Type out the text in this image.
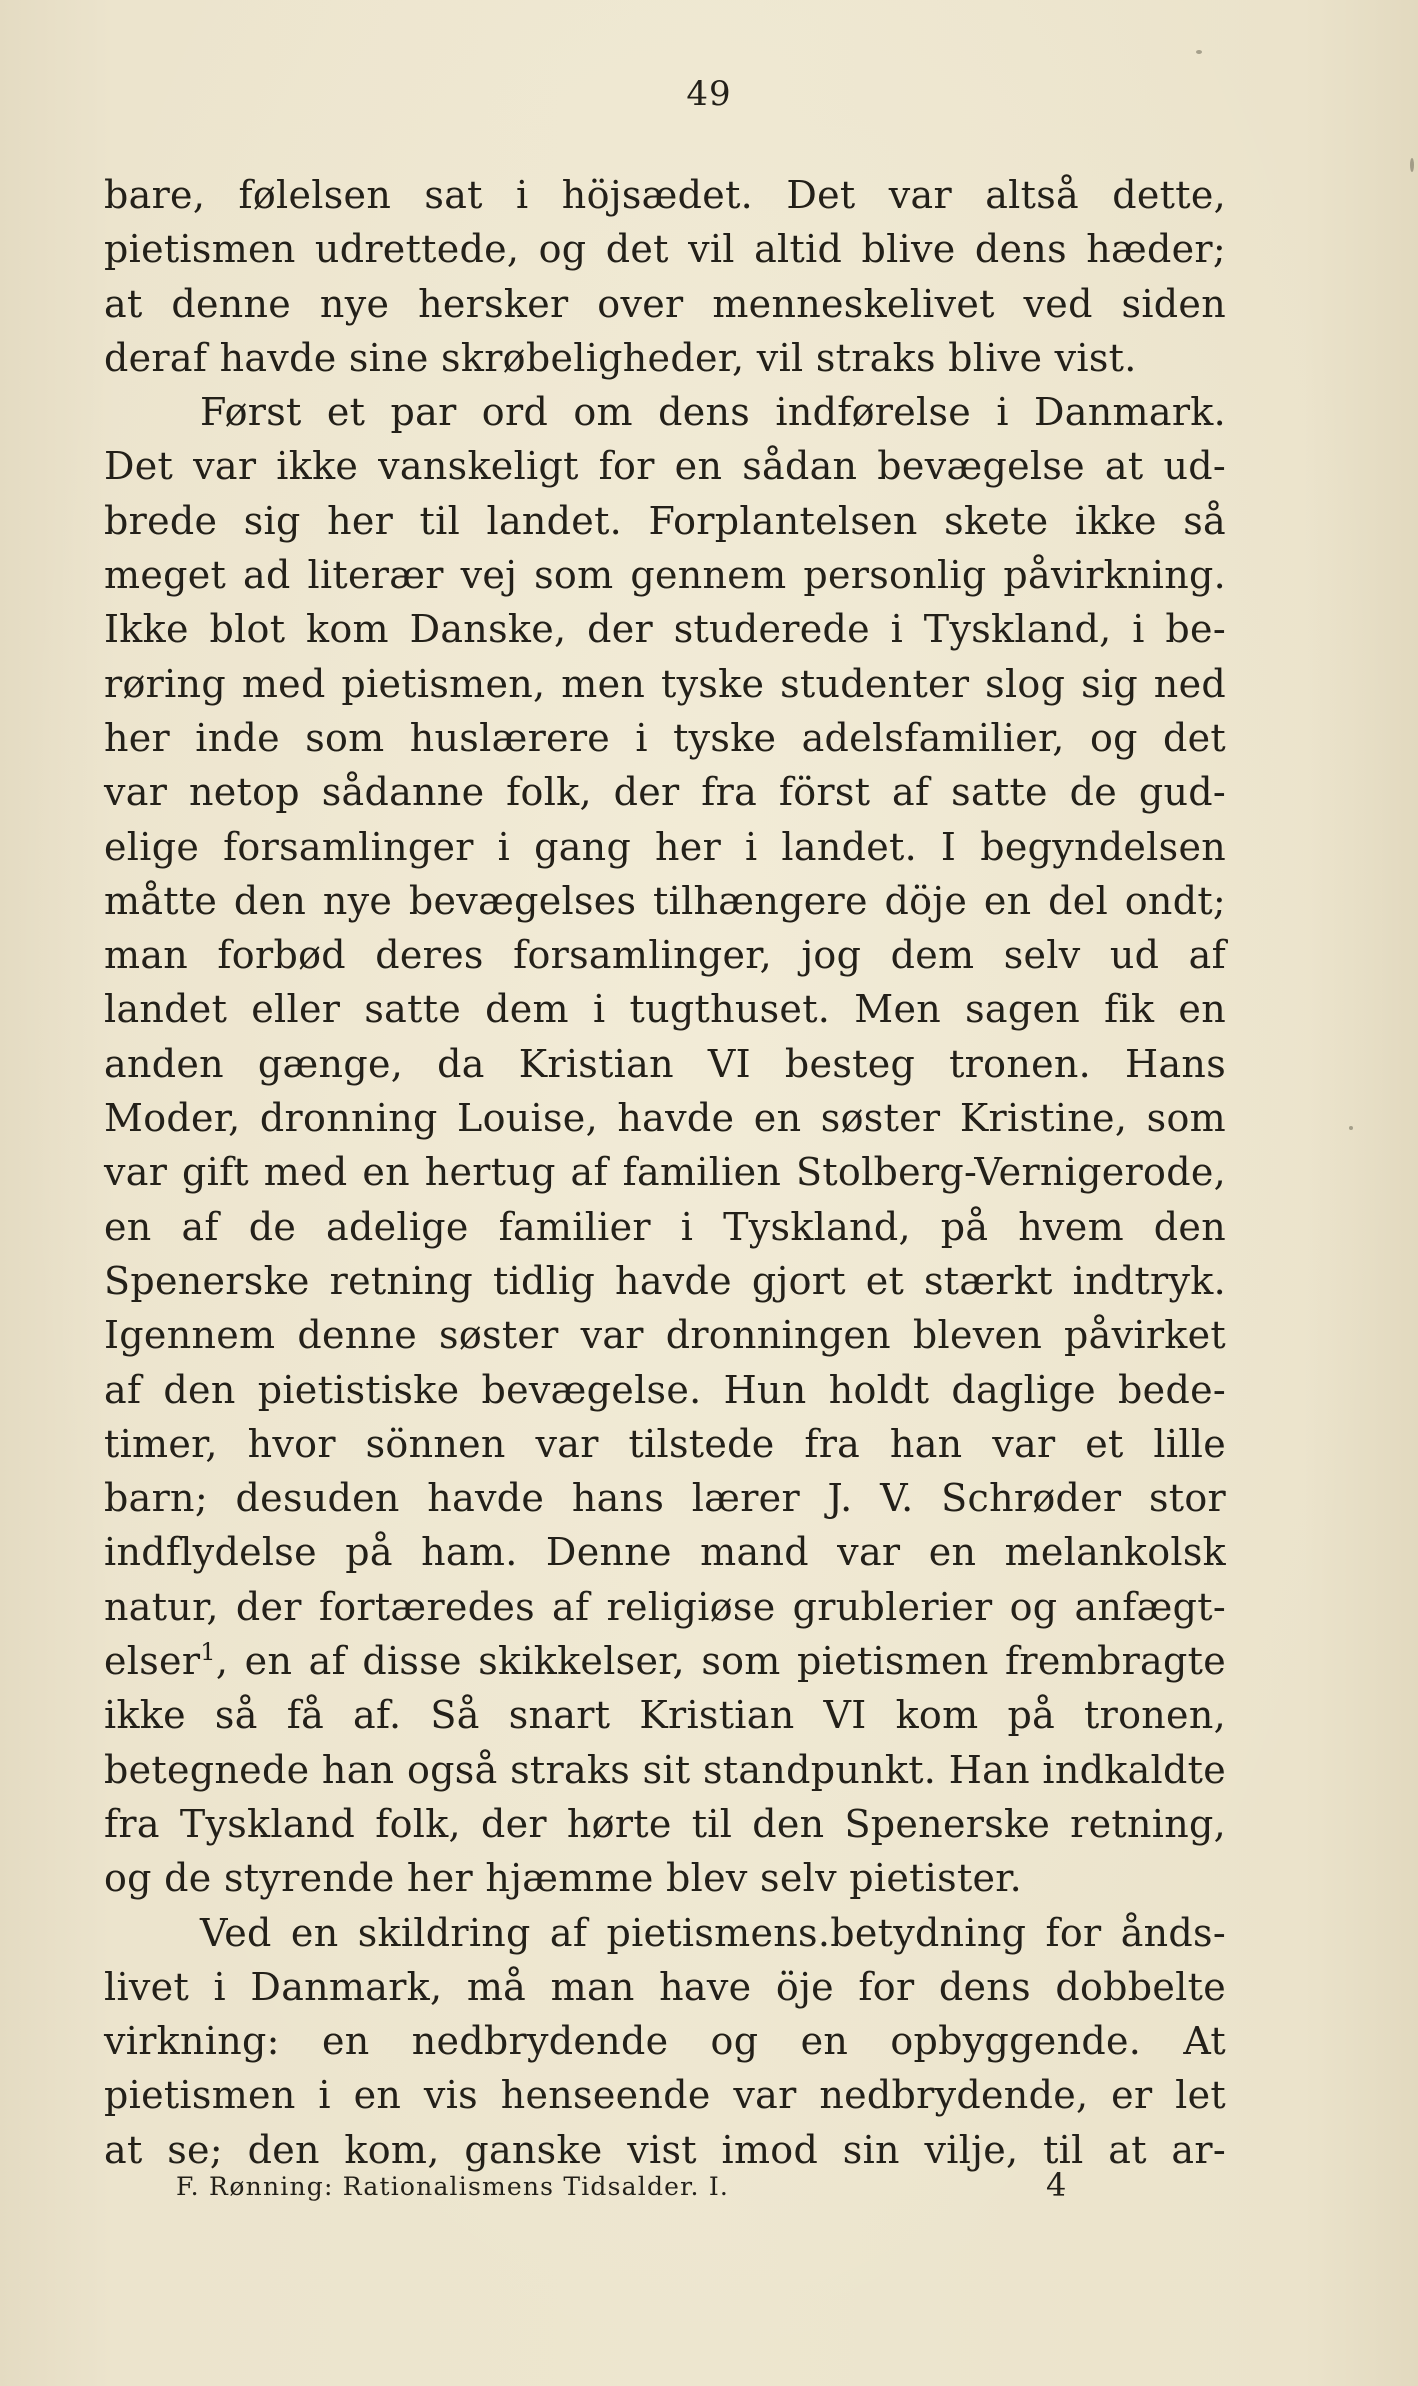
49
bare, følelsen sat i höjsædet. Det var altså dette,
pietismen udrettede, og det vil altid blive dens hæder;
at denne nye hersker over menneskelivet ved siden
deraf havde sine skrøbeligheder, vil straks blive vist.
Først et par ord om dens indførelse i Danmark.
Det var ikke vanskeligt for en sådan bevægelse at ud-
brede sig her til landet. Forplantelsen skete ikke så
meget ad literær vej som gennem personlig påvirkning.
Ikke blot kom Danske, der studerede i Tyskland, i be-
røring med pietismen, men tyske studenter slog sig ned
her inde som huslærere i tyske adelsfamilier, og det
var netop sådanne folk, der fra först af satte de gud-
elige forsamlinger i gang her i landet. I begyndelsen
måtte den nye bevægelses tilhængere döje en del ondt;
man forbød deres forsamlinger, jog dem selv ud af
landet eller satte dem i tugthuset. Men sagen fik en
anden gænge, da Kristian VI besteg tronen. Hans
Moder, dronning Louise, havde en søster Kristine, som
var gift med en hertug af familien Stolberg-Vernigerode,
en af de adelige familier i Tyskland, på hvem den
Spenerske retning tidlig havde gjort et stærkt indtryk.
Igennem denne søster var dronningen bleven påvirket
af den pietistiske bevægelse. Hun holdt daglige bede-
timer, hvor sönnen var tilstede fra han var et lille
barn; desuden havde hans lærer J. V. Schrøder stor
indflydelse på ham. Denne mand var en melankolsk
natur, der fortæredes af religiøse grublerier og anfægt-
elser$^1$, en af disse skikkelser, som pietismen frembragte
ikke så få af. Så snart Kristian VI kom på tronen,
betegnede han også straks sit standpunkt. Han indkaldte
fra Tyskland folk, der hørte til den Spenerske retning,
og de styrende her hjæmme blev selv pietister.
Ved en skildring af pietismens.betydning for ånds-
livet i Danmark, må man have öje for dens dobbelte
virkning: en nedbrydende og en opbyggende. At
pietismen i en vis henseende var nedbrydende, er let
at se; den kom, ganske vist imod sin vilje, til at ar-
F. Rønning: Rationalismens Tidsalder. I.	4
